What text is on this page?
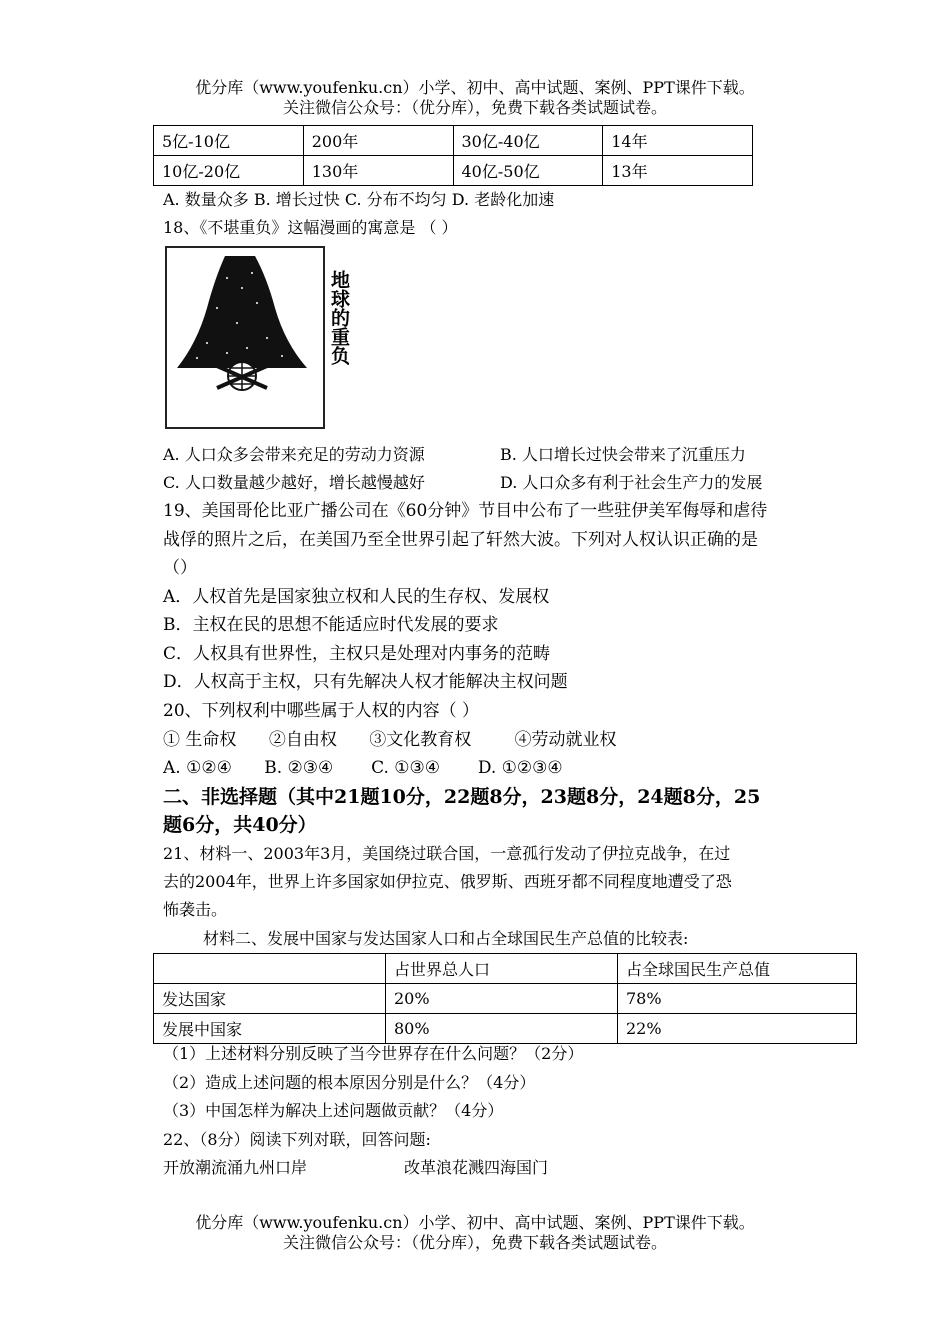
优分库（www.youfenku.cn）小学、初中、高中试题、案例、PPT课件下载。
关注微信公众号：（优分库），免费下载各类试题试卷。
5亿-10亿	200年	30亿-40亿	14年
10亿-20亿	130年	40亿-50亿	13年
A. 数量众多 B. 增长过快 C. 分布不均匀 D. 老龄化加速
18、《不堪重负》这幅漫画的寓意是 （ ）
地球的重负
A. 人口众多会带来充足的劳动力资源	B. 人口增长过快会带来了沉重压力
C. 人口数量越少越好，增长越慢越好	D. 人口众多有利于社会生产力的发展
19、美国哥伦比亚广播公司在《60分钟》节目中公布了一些驻伊美军侮辱和虐待
战俘的照片之后，在美国乃至全世界引起了轩然大波。下列对人权认识正确的是
（）
A．人权首先是国家独立权和人民的生存权、发展权
B．主权在民的思想不能适应时代发展的要求
C．人权具有世界性，主权只是处理对内事务的范畴
D．人权高于主权，只有先解决人权才能解决主权问题
20、下列权利中哪些属于人权的内容（ ）
① 生命权      ②自由权      ③文化教育权        ④劳动就业权
A. ①②④      B. ②③④       C. ①③④       D. ①②③④
二、非选择题（其中21题10分，22题8分，23题8分，24题8分，25
题6分，共40分）
21、材料一、2003年3月，美国绕过联合国，一意孤行发动了伊拉克战争，在过
去的2004年，世界上许多国家如伊拉克、俄罗斯、西班牙都不同程度地遭受了恐
怖袭击。
材料二、发展中国家与发达国家人口和占全球国民生产总值的比较表:
	占世界总人口	占全球国民生产总值
发达国家	20%	78%
发展中国家	80%	22%
（1）上述材料分别反映了当今世界存在什么问题？（2分）
（2）造成上述问题的根本原因分别是什么？（4分）
（3）中国怎样为解决上述问题做贡献？（4分）
22、（8分）阅读下列对联，回答问题:
开放潮流涌九州口岸	改革浪花溅四海国门
优分库（www.youfenku.cn）小学、初中、高中试题、案例、PPT课件下载。
关注微信公众号：（优分库），免费下载各类试题试卷。
